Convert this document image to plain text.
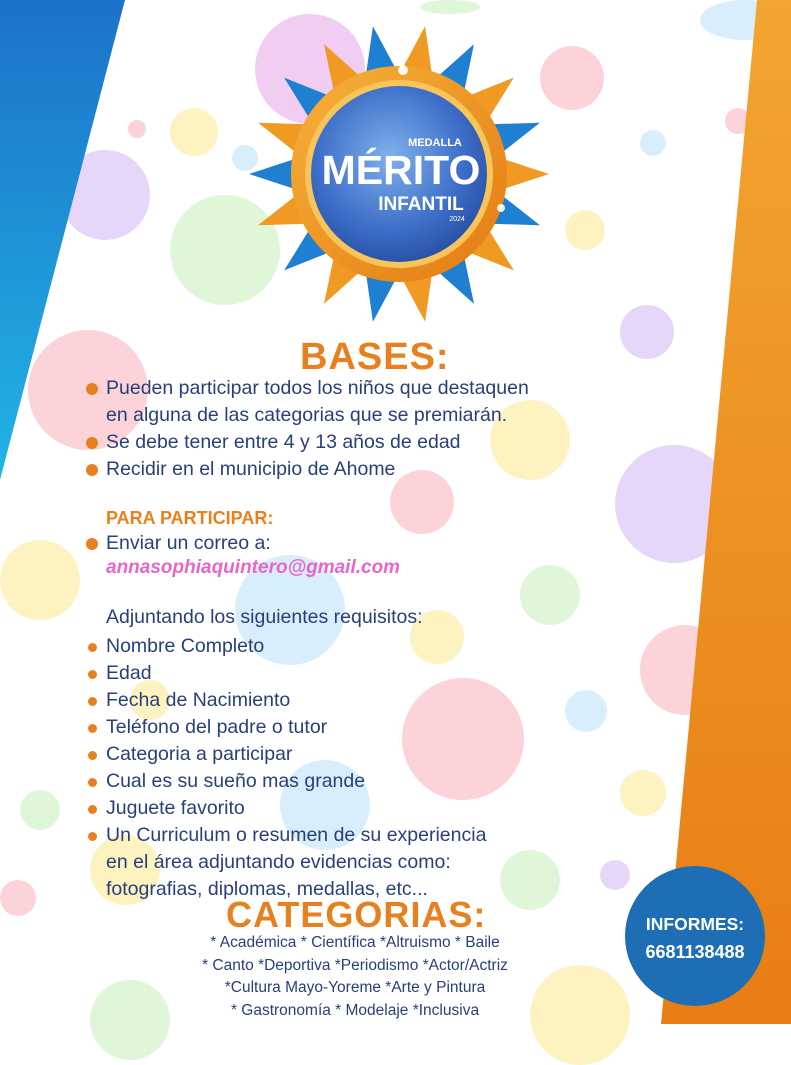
MEDALLA
MÉRITO
INFANTIL
2024
BASES:
Pueden participar todos los niños que destaquen
en alguna de las categorias que se premiarán.
Se debe tener entre 4 y 13 años de edad
Recidir en el municipio de Ahome
PARA PARTICIPAR:
Enviar un correo a:
annasophiaquintero@gmail.com
Adjuntando los siguientes requisitos:
Nombre Completo
Edad
Fecha de Nacimiento
Teléfono del padre o tutor
Categoria a participar
Cual es su sueño mas grande
Juguete favorito
Un Curriculum o resumen de su experiencia
en el área adjuntando evidencias como:
fotografias, diplomas, medallas, etc...
CATEGORIAS:
* Académica * Científica *Altruismo * Baile
* Canto *Deportiva *Periodismo *Actor/Actriz
*Cultura Mayo-Yoreme *Arte y Pintura
* Gastronomía * Modelaje *Inclusiva
INFORMES:
6681138488
